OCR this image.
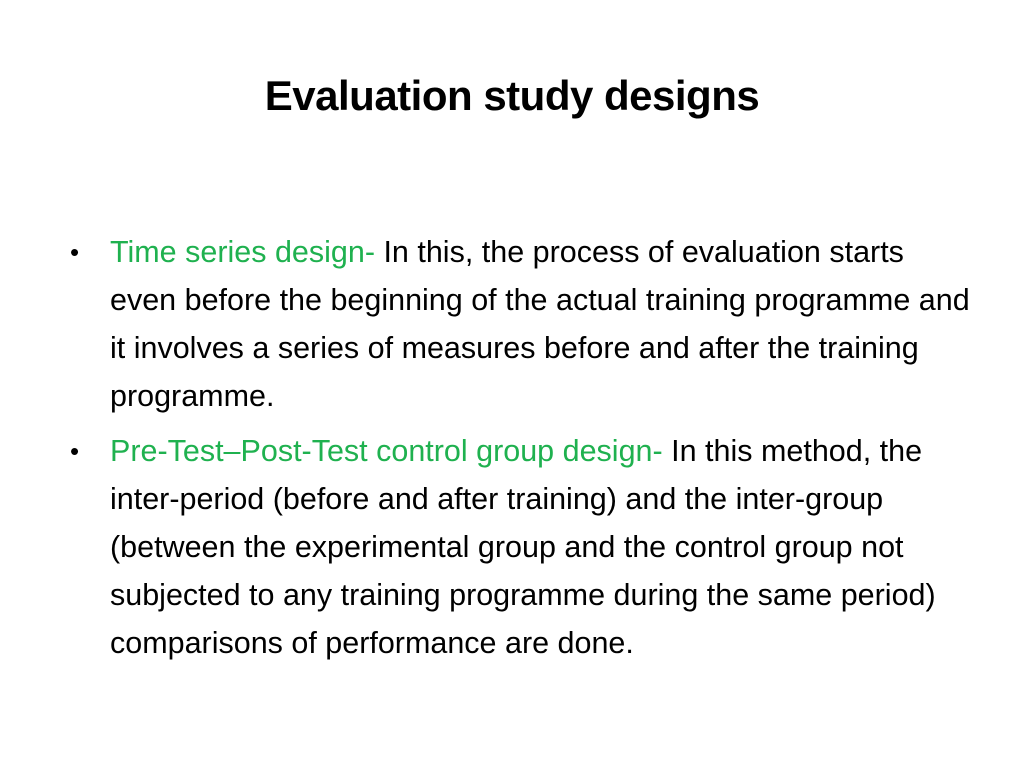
Evaluation study designs
• Time series design- In this, the process of evaluation starts even before the beginning of the actual training programme and it involves a series of measures before and after the training programme.
• Pre-Test–Post-Test control group design- In this method, the inter-period (before and after training) and the inter-group (between the experimental group and the control group not subjected to any training programme during the same period) comparisons of performance are done.
